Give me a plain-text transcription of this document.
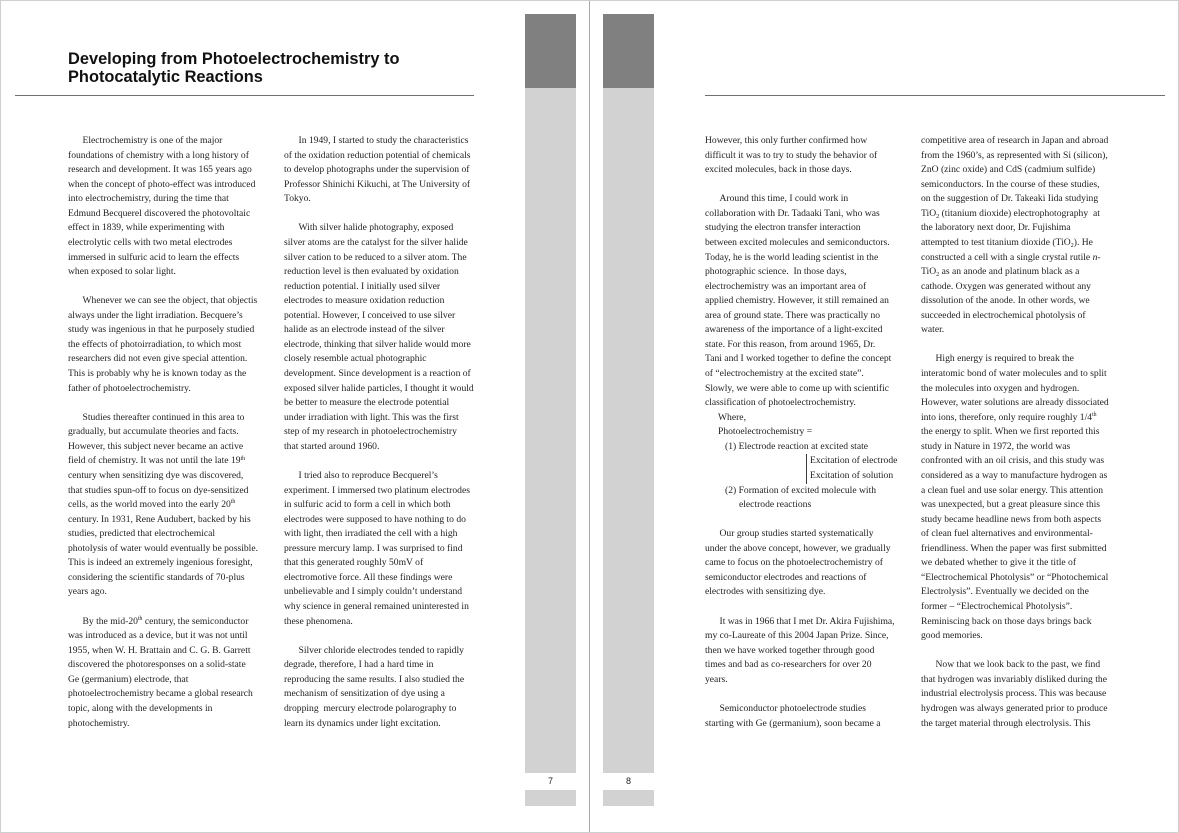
Developing from Photoelectrochemistry to
Photocatalytic Reactions
Electrochemistry is one of the major
foundations of chemistry with a long history of
research and development. It was 165 years ago
when the concept of photo-effect was introduced
into electrochemistry, during the time that
Edmund Becquerel discovered the photovoltaic
effect in 1839, while experimenting with
electrolytic cells with two metal electrodes
immersed in sulfuric acid to learn the effects
when exposed to solar light.
Whenever we can see the object, that objectis
always under the light irradiation. Becquere’s
study was ingenious in that he purposely studied
the effects of photoirradiation, to which most
researchers did not even give special attention.
This is probably why he is known today as the
father of photoelectrochemistry.
Studies thereafter continued in this area to
gradually, but accumulate theories and facts.
However, this subject never became an active
field of chemistry. It was not until the late 19th
century when sensitizing dye was discovered,
that studies spun-off to focus on dye-sensitized
cells, as the world moved into the early 20th
century. In 1931, Rene Audubert, backed by his
studies, predicted that electrochemical
photolysis of water would eventually be possible.
This is indeed an extremely ingenious foresight,
considering the scientific standards of 70-plus
years ago.
By the mid-20th century, the semiconductor
was introduced as a device, but it was not until
1955, when W. H. Brattain and C. G. B. Garrett
discovered the photoresponses on a solid-state
Ge (germanium) electrode, that
photoelectrochemistry became a global research
topic, along with the developments in
photochemistry.
In 1949, I started to study the characteristics
of the oxidation reduction potential of chemicals
to develop photographs under the supervision of
Professor Shinichi Kikuchi, at The University of
Tokyo.
With silver halide photography, exposed
silver atoms are the catalyst for the silver halide
silver cation to be reduced to a silver atom. The
reduction level is then evaluated by oxidation
reduction potential. I initially used silver
electrodes to measure oxidation reduction
potential. However, I conceived to use silver
halide as an electrode instead of the silver
electrode, thinking that silver halide would more
closely resemble actual photographic
development. Since development is a reaction of
exposed silver halide particles, I thought it would
be better to measure the electrode potential
under irradiation with light. This was the first
step of my research in photoelectrochemistry
that started around 1960.
I tried also to reproduce Becquerel’s
experiment. I immersed two platinum electrodes
in sulfuric acid to form a cell in which both
electrodes were supposed to have nothing to do
with light, then irradiated the cell with a high
pressure mercury lamp. I was surprised to find
that this generated roughly 50mV of
electromotive force. All these findings were
unbelievable and I simply couldn’t understand
why science in general remained uninterested in
these phenomena.
Silver chloride electrodes tended to rapidly
degrade, therefore, I had a hard time in
reproducing the same results. I also studied the
mechanism of sensitization of dye using a
dropping  mercury electrode polarography to
learn its dynamics under light excitation.
7
However, this only further confirmed how
difficult it was to try to study the behavior of
excited molecules, back in those days.
Around this time, I could work in
collaboration with Dr. Tadaaki Tani, who was
studying the electron transfer interaction
between excited molecules and semiconductors.
Today, he is the world leading scientist in the
photographic science.  In those days,
electrochemistry was an important area of
applied chemistry. However, it still remained an
area of ground state. There was practically no
awareness of the importance of a light-excited
state. For this reason, from around 1965, Dr.
Tani and I worked together to define the concept
of “electrochemistry at the excited state”.
Slowly, we were able to come up with scientific
classification of photoelectrochemistry.
Where,
Photoelectrochemistry =
(1) Electrode reaction at excited state
Excitation of electrode
Excitation of solution
(2) Formation of excited molecule with
electrode reactions
Our group studies started systematically
under the above concept, however, we gradually
came to focus on the photoelectrochemistry of
semiconductor electrodes and reactions of
electrodes with sensitizing dye.
It was in 1966 that I met Dr. Akira Fujishima,
my co-Laureate of this 2004 Japan Prize. Since,
then we have worked together through good
times and bad as co-researchers for over 20
years.
Semiconductor photoelectrode studies
starting with Ge (germanium), soon became a
competitive area of research in Japan and abroad
from the 1960’s, as represented with Si (silicon),
ZnO (zinc oxide) and CdS (cadmium sulfide)
semiconductors. In the course of these studies,
on the suggestion of Dr. Takeaki Iida studying
TiO$_2$ (titanium dioxide) electrophotography  at
the laboratory next door, Dr. Fujishima
attempted to test titanium dioxide (TiO$_2$). He
constructed a cell with a single crystal rutile n-
TiO$_2$ as an anode and platinum black as a
cathode. Oxygen was generated without any
dissolution of the anode. In other words, we
succeeded in electrochemical photolysis of
water.
High energy is required to break the
interatomic bond of water molecules and to split
the molecules into oxygen and hydrogen.
However, water solutions are already dissociated
into ions, therefore, only require roughly 1/4th
the energy to split. When we first reported this
study in Nature in 1972, the world was
confronted with an oil crisis, and this study was
considered as a way to manufacture hydrogen as
a clean fuel and use solar energy. This attention
was unexpected, but a great pleasure since this
study became headline news from both aspects
of clean fuel alternatives and environmental-
friendliness. When the paper was first submitted
we debated whether to give it the title of
“Electrochemical Photolysis” or “Photochemical
Electrolysis”. Eventually we decided on the
former – “Electrochemical Photolysis”.
Reminiscing back on those days brings back
good memories.
Now that we look back to the past, we find
that hydrogen was invariably disliked during the
industrial electrolysis process. This was because
hydrogen was always generated prior to produce
the target material through electrolysis. This
8
